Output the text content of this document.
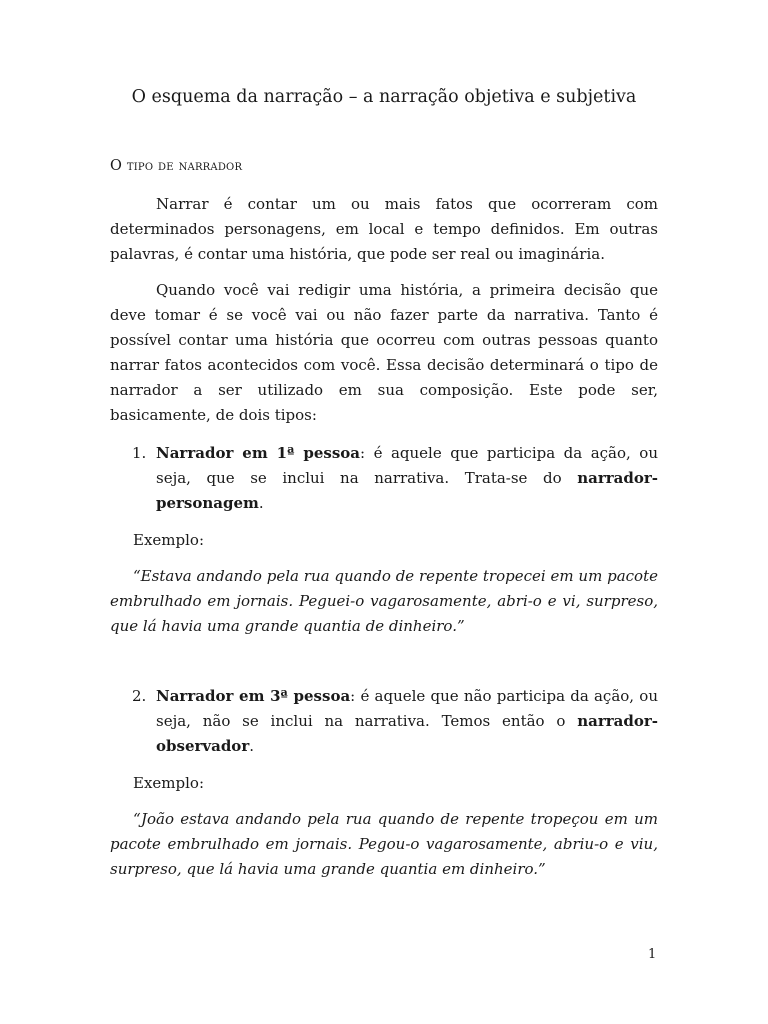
O esquema da narração – a narração objetiva e subjetiva
O tipo de narrador

Narrar é contar um ou mais fatos que ocorreram com determinados personagens, em local e tempo definidos. Em outras palavras, é contar uma história, que pode ser real ou imaginária.

Quando você vai redigir uma história, a primeira decisão que deve tomar é se você vai ou não fazer parte da narrativa. Tanto é possível contar uma história que ocorreu com outras pessoas quanto narrar fatos acontecidos com você. Essa decisão determinará o tipo de narrador a ser utilizado em sua composição. Este pode ser, basicamente, de dois tipos:

1. Narrador em 1ª pessoa: é aquele que participa da ação, ou seja, que se inclui na narrativa. Trata-se do narrador-personagem.

Exemplo:

“Estava andando pela rua quando de repente tropecei em um pacote embrulhado em jornais. Peguei-o vagarosamente, abri-o e vi, surpreso, que lá havia uma grande quantia de dinheiro.”

2. Narrador em 3ª pessoa: é aquele que não participa da ação, ou seja, não se inclui na narrativa. Temos então o narrador-observador.

Exemplo:

“João estava andando pela rua quando de repente tropeçou em um pacote embrulhado em jornais. Pegou-o vagarosamente, abriu-o e viu, surpreso, que lá havia uma grande quantia em dinheiro.”

1
